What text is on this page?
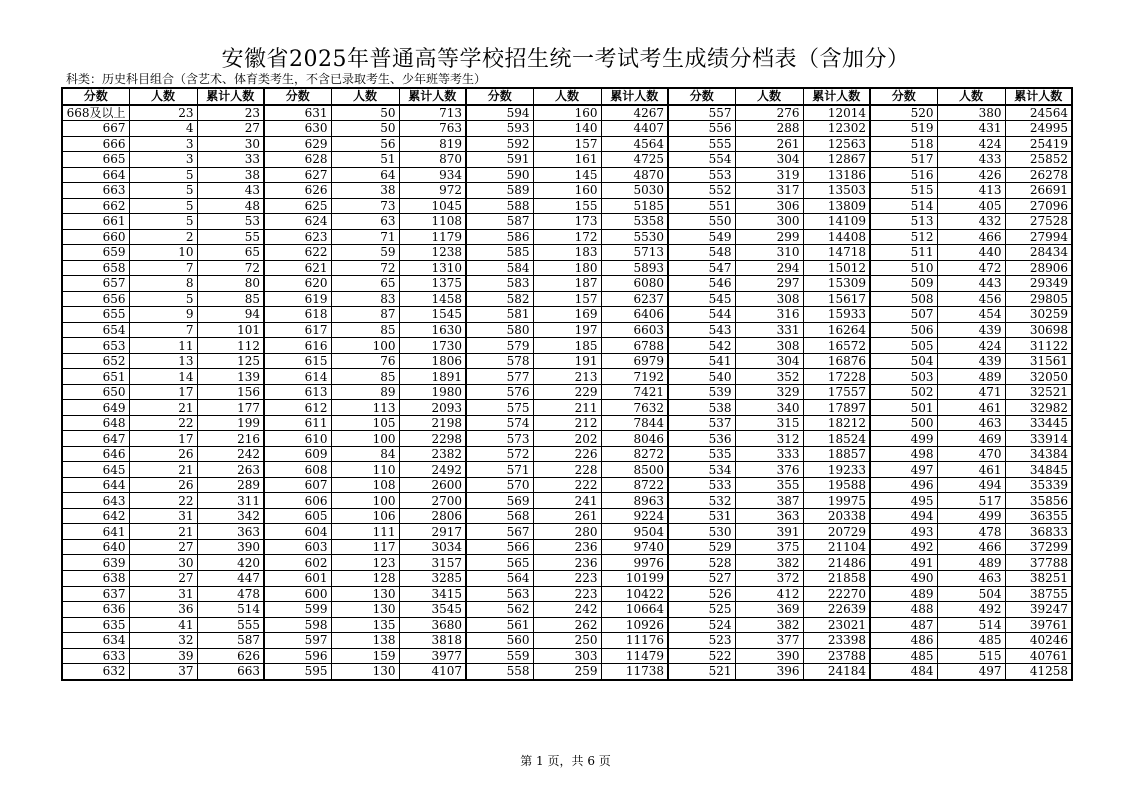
安徽省2025年普通高等学校招生统一考试考生成绩分档表（含加分）
科类：历史科目组合（含艺术、体育类考生，不含已录取考生、少年班等考生）
分数	人数	累计人数	分数	人数	累计人数	分数	人数	累计人数	分数	人数	累计人数	分数	人数	累计人数
668及以上	23	23	631	50	713	594	160	4267	557	276	12014	520	380	24564
667	4	27	630	50	763	593	140	4407	556	288	12302	519	431	24995
666	3	30	629	56	819	592	157	4564	555	261	12563	518	424	25419
665	3	33	628	51	870	591	161	4725	554	304	12867	517	433	25852
664	5	38	627	64	934	590	145	4870	553	319	13186	516	426	26278
663	5	43	626	38	972	589	160	5030	552	317	13503	515	413	26691
662	5	48	625	73	1045	588	155	5185	551	306	13809	514	405	27096
661	5	53	624	63	1108	587	173	5358	550	300	14109	513	432	27528
660	2	55	623	71	1179	586	172	5530	549	299	14408	512	466	27994
659	10	65	622	59	1238	585	183	5713	548	310	14718	511	440	28434
658	7	72	621	72	1310	584	180	5893	547	294	15012	510	472	28906
657	8	80	620	65	1375	583	187	6080	546	297	15309	509	443	29349
656	5	85	619	83	1458	582	157	6237	545	308	15617	508	456	29805
655	9	94	618	87	1545	581	169	6406	544	316	15933	507	454	30259
654	7	101	617	85	1630	580	197	6603	543	331	16264	506	439	30698
653	11	112	616	100	1730	579	185	6788	542	308	16572	505	424	31122
652	13	125	615	76	1806	578	191	6979	541	304	16876	504	439	31561
651	14	139	614	85	1891	577	213	7192	540	352	17228	503	489	32050
650	17	156	613	89	1980	576	229	7421	539	329	17557	502	471	32521
649	21	177	612	113	2093	575	211	7632	538	340	17897	501	461	32982
648	22	199	611	105	2198	574	212	7844	537	315	18212	500	463	33445
647	17	216	610	100	2298	573	202	8046	536	312	18524	499	469	33914
646	26	242	609	84	2382	572	226	8272	535	333	18857	498	470	34384
645	21	263	608	110	2492	571	228	8500	534	376	19233	497	461	34845
644	26	289	607	108	2600	570	222	8722	533	355	19588	496	494	35339
643	22	311	606	100	2700	569	241	8963	532	387	19975	495	517	35856
642	31	342	605	106	2806	568	261	9224	531	363	20338	494	499	36355
641	21	363	604	111	2917	567	280	9504	530	391	20729	493	478	36833
640	27	390	603	117	3034	566	236	9740	529	375	21104	492	466	37299
639	30	420	602	123	3157	565	236	9976	528	382	21486	491	489	37788
638	27	447	601	128	3285	564	223	10199	527	372	21858	490	463	38251
637	31	478	600	130	3415	563	223	10422	526	412	22270	489	504	38755
636	36	514	599	130	3545	562	242	10664	525	369	22639	488	492	39247
635	41	555	598	135	3680	561	262	10926	524	382	23021	487	514	39761
634	32	587	597	138	3818	560	250	11176	523	377	23398	486	485	40246
633	39	626	596	159	3977	559	303	11479	522	390	23788	485	515	40761
632	37	663	595	130	4107	558	259	11738	521	396	24184	484	497	41258
第 1 页，共 6 页
